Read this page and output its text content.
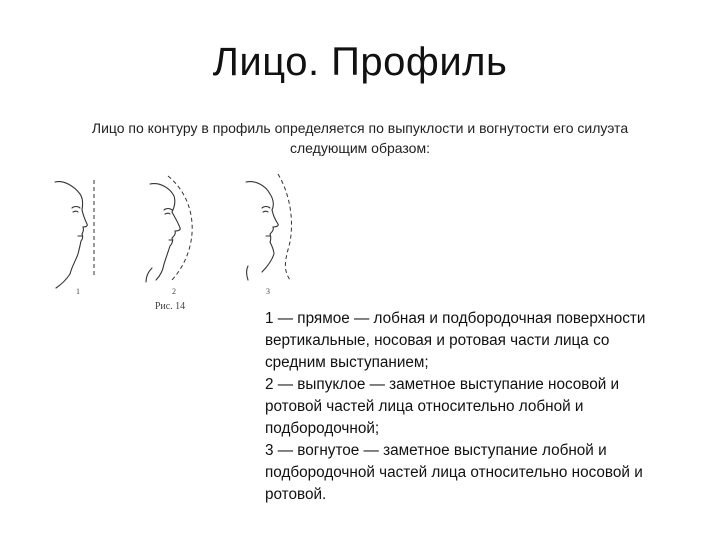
Лицо. Профиль
Лицо по контуру в профиль определяется по выпуклости и вогнутости его силуэта
следующим образом:
1	2	3
Рис. 14
1 — прямое — лобная и подбородочная поверхности
вертикальные, носовая и ротовая части лица со
средним выступанием;
2 — выпуклое — заметное выступание носовой и
ротовой частей лица относительно лобной и
подбородочной;
3 — вогнутое — заметное выступание лобной и
подбородочной частей лица относительно носовой и
ротовой.
